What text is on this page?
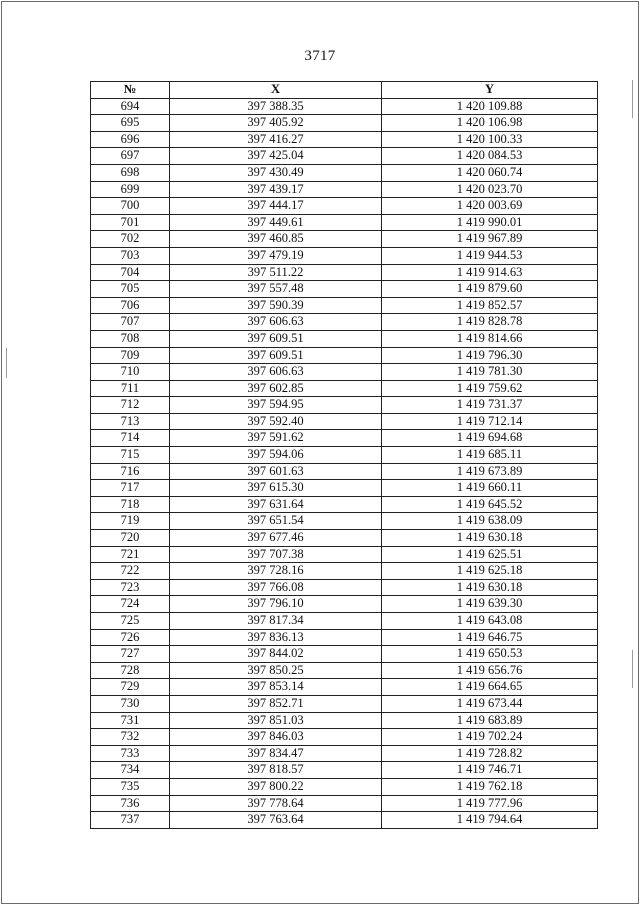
3717
№	X	Y
694	397 388.35	1 420 109.88
695	397 405.92	1 420 106.98
696	397 416.27	1 420 100.33
697	397 425.04	1 420 084.53
698	397 430.49	1 420 060.74
699	397 439.17	1 420 023.70
700	397 444.17	1 420 003.69
701	397 449.61	1 419 990.01
702	397 460.85	1 419 967.89
703	397 479.19	1 419 944.53
704	397 511.22	1 419 914.63
705	397 557.48	1 419 879.60
706	397 590.39	1 419 852.57
707	397 606.63	1 419 828.78
708	397 609.51	1 419 814.66
709	397 609.51	1 419 796.30
710	397 606.63	1 419 781.30
711	397 602.85	1 419 759.62
712	397 594.95	1 419 731.37
713	397 592.40	1 419 712.14
714	397 591.62	1 419 694.68
715	397 594.06	1 419 685.11
716	397 601.63	1 419 673.89
717	397 615.30	1 419 660.11
718	397 631.64	1 419 645.52
719	397 651.54	1 419 638.09
720	397 677.46	1 419 630.18
721	397 707.38	1 419 625.51
722	397 728.16	1 419 625.18
723	397 766.08	1 419 630.18
724	397 796.10	1 419 639.30
725	397 817.34	1 419 643.08
726	397 836.13	1 419 646.75
727	397 844.02	1 419 650.53
728	397 850.25	1 419 656.76
729	397 853.14	1 419 664.65
730	397 852.71	1 419 673.44
731	397 851.03	1 419 683.89
732	397 846.03	1 419 702.24
733	397 834.47	1 419 728.82
734	397 818.57	1 419 746.71
735	397 800.22	1 419 762.18
736	397 778.64	1 419 777.96
737	397 763.64	1 419 794.64
